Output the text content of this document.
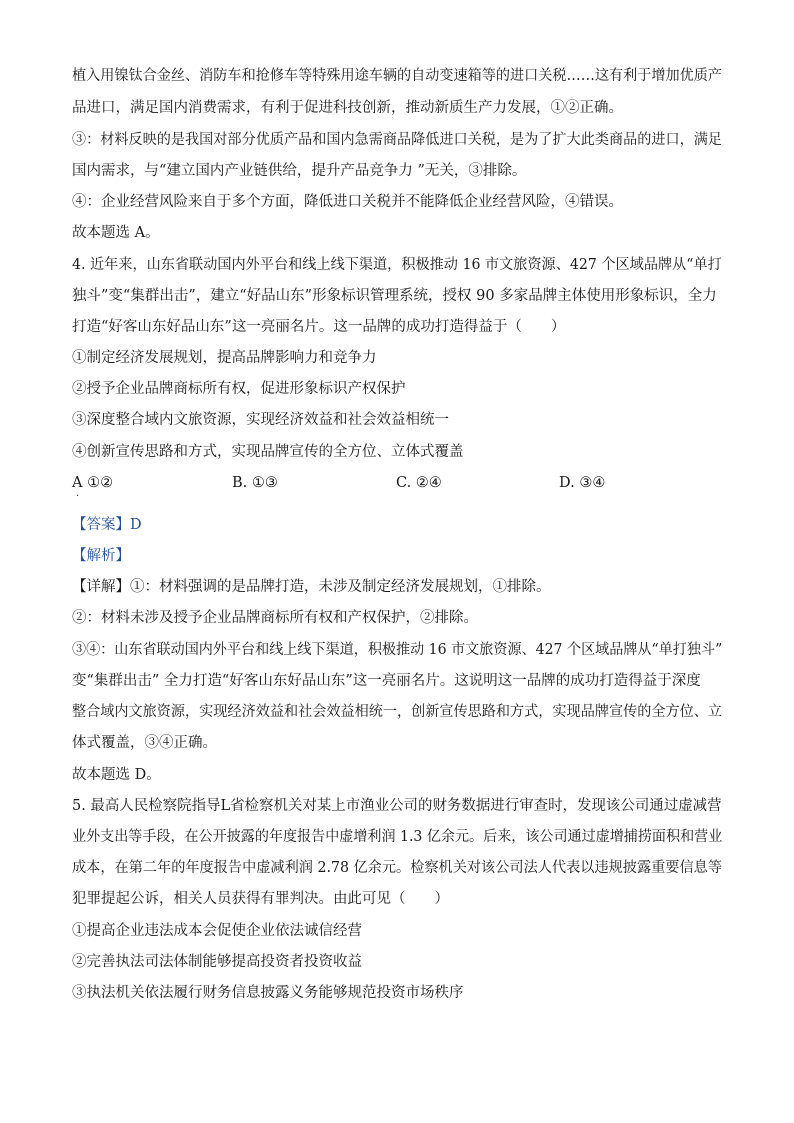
植入用镍钛合金丝、消防车和抢修车等特殊用途车辆的自动变速箱等的进口关税……这有利于增加优质产
品进口，满足国内消费需求，有利于促进科技创新，推动新质生产力发展，①②正确。
③：材料反映的是我国对部分优质产品和国内急需商品降低进口关税，是为了扩大此类商品的进口，满足
国内需求，与“建立国内产业链供给，提升产品竞争力 ”无关，③排除。
④：企业经营风险来自于多个方面，降低进口关税并不能降低企业经营风险，④错误。
故本题选 A。
4. 近年来，山东省联动国内外平台和线上线下渠道，积极推动 16 市文旅资源、427 个区域品牌从“单打
独斗”变“集群出击”，建立“好品山东”形象标识管理系统，授权 90 多家品牌主体使用形象标识，全力
打造“好客山东好品山东”这一亮丽名片。这一品牌的成功打造得益于（　　）
①制定经济发展规划，提高品牌影响力和竞争力
②授予企业品牌商标所有权，促进形象标识产权保护
③深度整合域内文旅资源，实现经济效益和社会效益相统一
④创新宣传思路和方式，实现品牌宣传的全方位、立体式覆盖
A ①②	B. ①③	C. ②④	D. ③④
·
【答案】D
【解析】
【详解】①：材料强调的是品牌打造，未涉及制定经济发展规划，①排除。
②：材料未涉及授予企业品牌商标所有权和产权保护，②排除。
③④：山东省联动国内外平台和线上线下渠道，积极推动 16 市文旅资源、427 个区域品牌从“单打独斗”
变“集群出击” 全力打造“好客山东好品山东”这一亮丽名片。这说明这一品牌的成功打造得益于深度
整合域内文旅资源，实现经济效益和社会效益相统一，创新宣传思路和方式，实现品牌宣传的全方位、立
体式覆盖，③④正确。
故本题选 D。
5. 最高人民检察院指导L省检察机关对某上市渔业公司的财务数据进行审查时，发现该公司通过虚减营
业外支出等手段，在公开披露的年度报告中虚增利润 1.3 亿余元。后来，该公司通过虚增捕捞面积和营业
成本，在第二年的年度报告中虚减利润 2.78 亿余元。检察机关对该公司法人代表以违规披露重要信息等
犯罪提起公诉，相关人员获得有罪判决。由此可见（　　）
①提高企业违法成本会促使企业依法诚信经营
②完善执法司法体制能够提高投资者投资收益
③执法机关依法履行财务信息披露义务能够规范投资市场秩序
